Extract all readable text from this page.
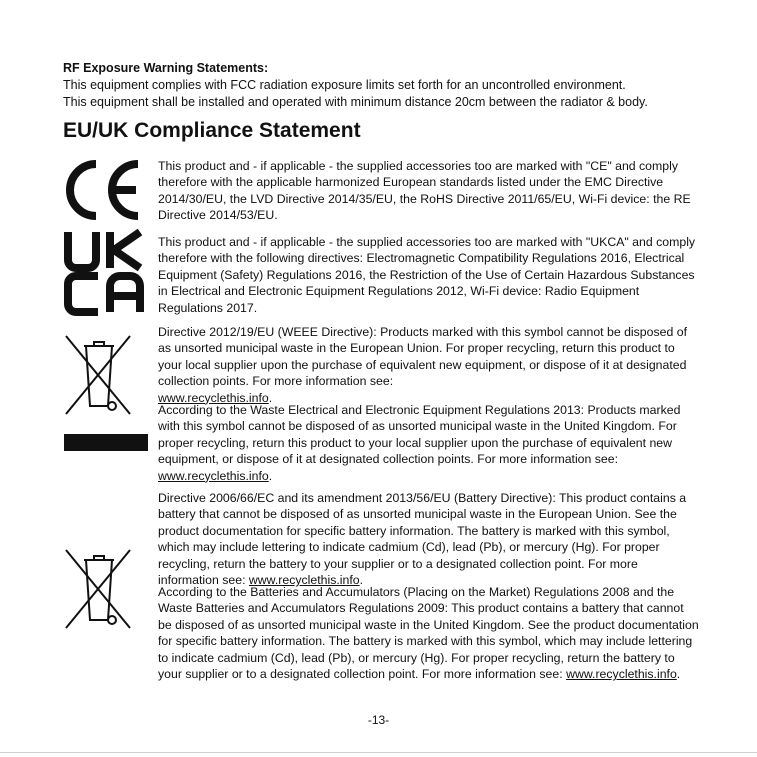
RF Exposure Warning Statements:
This equipment complies with FCC radiation exposure limits set forth for an uncontrolled environment.
This equipment shall be installed and operated with minimum distance 20cm between the radiator & body.
EU/UK Compliance Statement
This product and - if applicable - the supplied accessories too are marked with "CE" and comply therefore with the applicable harmonized European standards listed under the EMC Directive 2014/30/EU, the LVD Directive 2014/35/EU, the RoHS Directive 2011/65/EU, Wi-Fi device: the RE Directive 2014/53/EU.
This product and - if applicable - the supplied accessories too are marked with "UKCA" and comply therefore with the following directives: Electromagnetic Compatibility Regulations 2016, Electrical Equipment (Safety) Regulations 2016, the Restriction of the Use of Certain Hazardous Substances in Electrical and Electronic Equipment Regulations 2012, Wi-Fi device: Radio Equipment Regulations 2017.
Directive 2012/19/EU (WEEE Directive): Products marked with this symbol cannot be disposed of as unsorted municipal waste in the European Union. For proper recycling, return this product to your local supplier upon the purchase of equivalent new equipment, or dispose of it at designated collection points. For more information see:
www.recyclethis.info.
According to the Waste Electrical and Electronic Equipment Regulations 2013: Products marked with this symbol cannot be disposed of as unsorted municipal waste in the United Kingdom. For proper recycling, return this product to your local supplier upon the purchase of equivalent new equipment, or dispose of it at designated collection points. For more information see: www.recyclethis.info.
Directive 2006/66/EC and its amendment 2013/56/EU (Battery Directive): This product contains a battery that cannot be disposed of as unsorted municipal waste in the European Union. See the product documentation for specific battery information. The battery is marked with this symbol, which may include lettering to indicate cadmium (Cd), lead (Pb), or mercury (Hg). For proper recycling, return the battery to your supplier or to a designated collection point. For more information see: www.recyclethis.info.
According to the Batteries and Accumulators (Placing on the Market) Regulations 2008 and the Waste Batteries and Accumulators Regulations 2009: This product contains a battery that cannot be disposed of as unsorted municipal waste in the United Kingdom. See the product documentation for specific battery information. The battery is marked with this symbol, which may include lettering to indicate cadmium (Cd), lead (Pb), or mercury (Hg). For proper recycling, return the battery to your supplier or to a designated collection point. For more information see: www.recyclethis.info.
-13-
